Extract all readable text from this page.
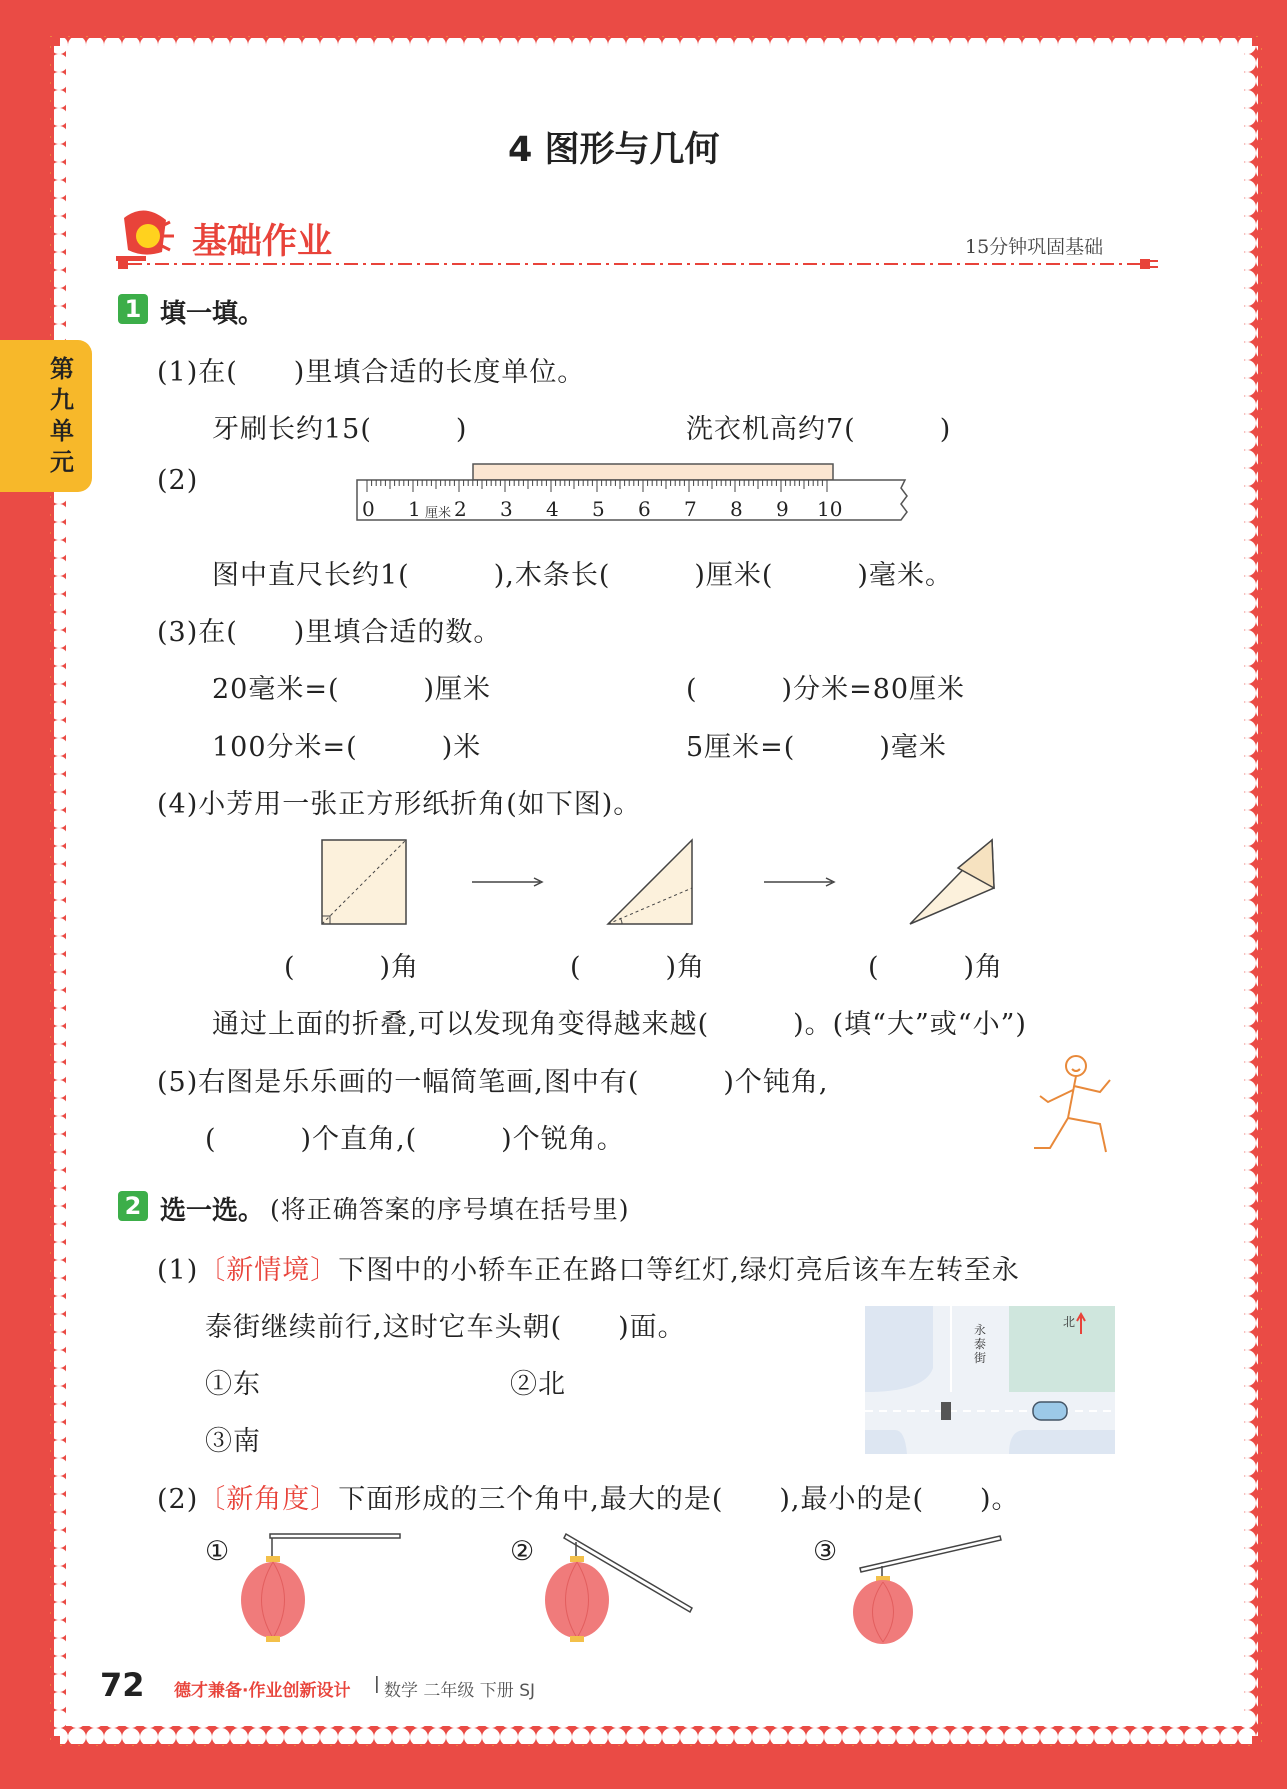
第九单元
4 图形与几何
基础作业	15分钟巩固基础
1 填一填。
(1)在(　　)里填合适的长度单位。
牙刷长约15(　　　)	洗衣机高约7(　　　)
(2)
0 1 2 3 4 5 6 7 8 9 10
厘米
图中直尺长约1(　　　),木条长(　　　)厘米(　　　)毫米。
(3)在(　　)里填合适的数。
20毫米=(　　　)厘米	(　　　)分米=80厘米
100分米=(　　　)米	5厘米=(　　　)毫米
(4)小芳用一张正方形纸折角(如下图)。
(　　　)角	(　　　)角	(　　　)角
通过上面的折叠,可以发现角变得越来越(　　　)。(填“大”或“小”)
(5)右图是乐乐画的一幅简笔画,图中有(　　　)个钝角,
(　　　)个直角,(　　　)个锐角。
2 选一选。 (将正确答案的序号填在括号里)
(1)〔新情境〕下图中的小轿车正在路口等红灯,绿灯亮后该车左转至永
泰街继续前行,这时它车头朝(　　)面。
①东	②北
③南
永泰街
北
(2)〔新角度〕下面形成的三个角中,最大的是(　　),最小的是(　　)。
①	②	③
72 德才兼备·作业创新设计 | 数学 二年级 下册 SJ
